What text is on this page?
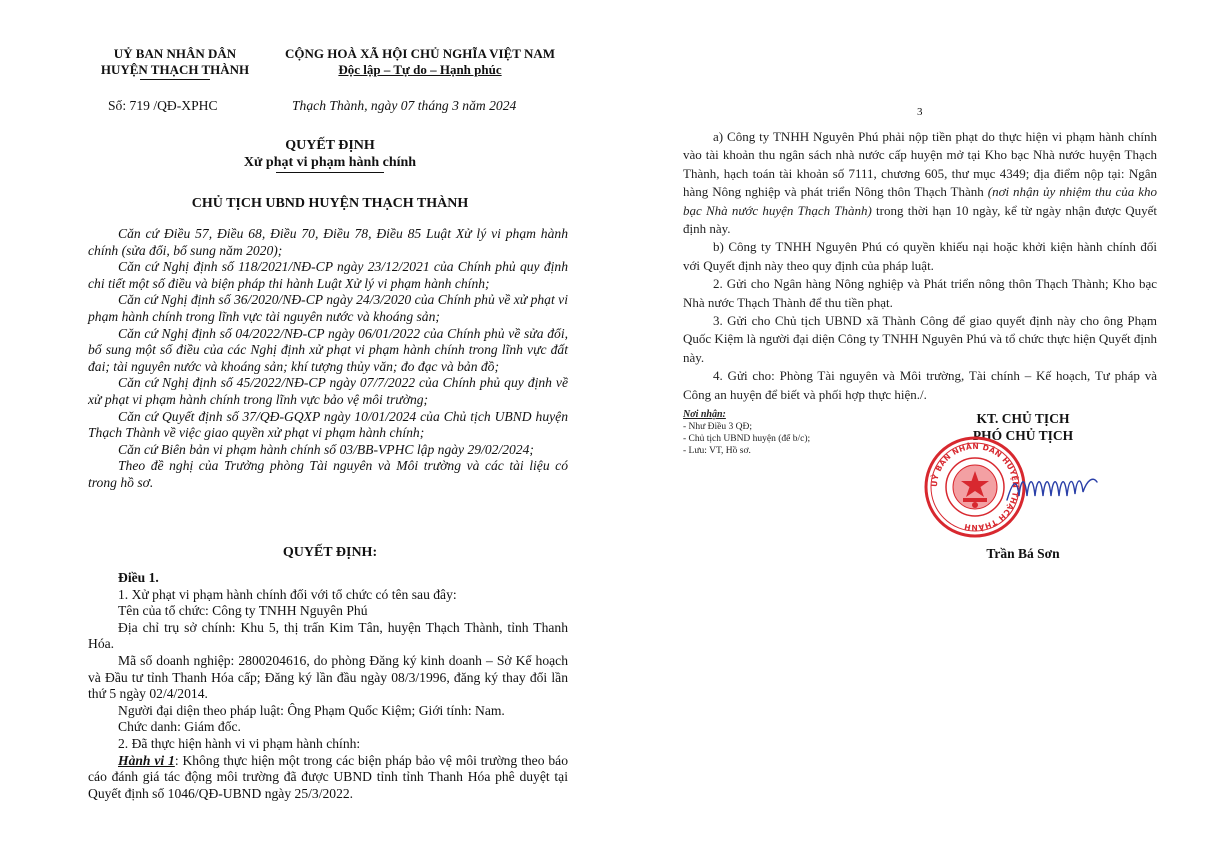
UỶ BAN NHÂN DÂN
HUYỆN THẠCH THÀNH
CỘNG HOÀ XÃ HỘI CHỦ NGHĨA VIỆT NAM
Độc lập – Tự do – Hạnh phúc
Số: 719 /QĐ-XPHC	Thạch Thành, ngày 07 tháng 3 năm 2024
QUYẾT ĐỊNH
Xử phạt vi phạm hành chính
CHỦ TỊCH UBND HUYỆN THẠCH THÀNH

Căn cứ Điều 57, Điều 68, Điều 70, Điều 78, Điều 85 Luật Xử lý vi phạm hành chính (sửa đổi, bổ sung năm 2020);

Căn cứ Nghị định số 118/2021/NĐ-CP ngày 23/12/2021 của Chính phủ quy định chi tiết một số điều và biện pháp thi hành Luật Xử lý vi phạm hành chính;

Căn cứ Nghị định số 36/2020/NĐ-CP ngày 24/3/2020 của Chính phủ về xử phạt vi phạm hành chính trong lĩnh vực tài nguyên nước và khoáng sản;

Căn cứ Nghị định số 04/2022/NĐ-CP ngày 06/01/2022 của Chính phủ về sửa đổi, bổ sung một số điều của các Nghị định xử phạt vi phạm hành chính trong lĩnh vực đất đai; tài nguyên nước và khoáng sản; khí tượng thủy văn; đo đạc và bản đồ;

Căn cứ Nghị định số 45/2022/NĐ-CP ngày 07/7/2022 của Chính phủ quy định về xử phạt vi phạm hành chính trong lĩnh vực bảo vệ môi trường;

Căn cứ Quyết định số 37/QĐ-GQXP ngày 10/01/2024 của Chủ tịch UBND huyện Thạch Thành về việc giao quyền xử phạt vi phạm hành chính;

Căn cứ Biên bản vi phạm hành chính số 03/BB-VPHC lập ngày 29/02/2024;

Theo đề nghị của Trưởng phòng Tài nguyên và Môi trường và các tài liệu có trong hồ sơ.

QUYẾT ĐỊNH:

Điều 1.

1. Xử phạt vi phạm hành chính đối với tổ chức có tên sau đây:

Tên của tổ chức: Công ty TNHH Nguyên Phú

Địa chỉ trụ sở chính: Khu 5, thị trấn Kim Tân, huyện Thạch Thành, tỉnh Thanh Hóa.

Mã số doanh nghiệp: 2800204616, do phòng Đăng ký kinh doanh – Sở Kế hoạch và Đầu tư tỉnh Thanh Hóa cấp; Đăng ký lần đầu ngày 08/3/1996, đăng ký thay đổi lần thứ 5 ngày 02/4/2014.

Người đại diện theo pháp luật: Ông Phạm Quốc Kiệm; Giới tính: Nam.

Chức danh: Giám đốc.

2. Đã thực hiện hành vi vi phạm hành chính:

Hành vi 1: Không thực hiện một trong các biện pháp bảo vệ môi trường theo báo cáo đánh giá tác động môi trường đã được UBND tỉnh tỉnh Thanh Hóa phê duyệt tại Quyết định số 1046/QĐ-UBND ngày 25/3/2022.

3

a) Công ty TNHH Nguyên Phú phải nộp tiền phạt do thực hiện vi phạm hành chính vào tài khoản thu ngân sách nhà nước cấp huyện mở tại Kho bạc Nhà nước huyện Thạch Thành, hạch toán tài khoản số 7111, chương 605, thư mục 4349; địa điểm nộp tại: Ngân hàng Nông nghiệp và phát triển Nông thôn Thạch Thành (nơi nhận ủy nhiệm thu của kho bạc Nhà nước huyện Thạch Thành) trong thời hạn 10 ngày, kể từ ngày nhận được Quyết định này.

b) Công ty TNHH Nguyên Phú có quyền khiếu nại hoặc khởi kiện hành chính đối với Quyết định này theo quy định của pháp luật.

2. Gửi cho Ngân hàng Nông nghiệp và Phát triển nông thôn Thạch Thành; Kho bạc Nhà nước Thạch Thành để thu tiền phạt.

3. Gửi cho Chủ tịch UBND xã Thành Công để giao quyết định này cho ông Phạm Quốc Kiệm là người đại diện Công ty TNHH Nguyên Phú và tổ chức thực hiện Quyết định này.

4. Gửi cho: Phòng Tài nguyên và Môi trường, Tài chính – Kế hoạch, Tư pháp và Công an huyện để biết và phối hợp thực hiện./.

Nơi nhận:
- Như Điều 3 QĐ;
- Chủ tịch UBND huyện (để b/c);
- Lưu: VT, Hồ sơ.
KT. CHỦ TỊCH
PHÓ CHỦ TỊCH
UỶ BAN NHÂN DÂN HUYỆN THẠCH THÀNH
Trần Bá Sơn
